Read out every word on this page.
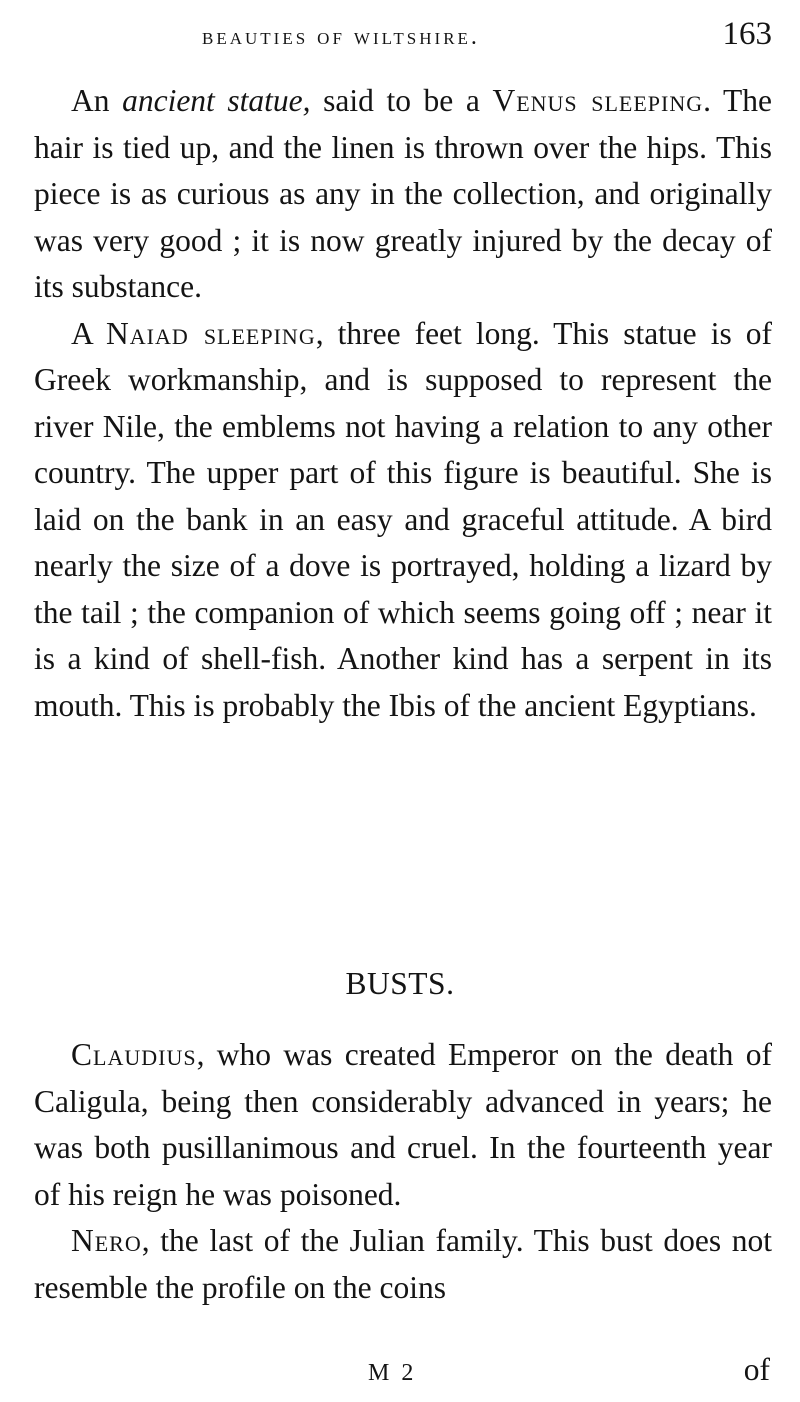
beauties of wiltshire.	163

An ancient statue, said to be a Venus sleeping. The hair is tied up, and the linen is thrown over the hips. This piece is as curious as any in the collection, and originally was very good ; it is now greatly injured by the decay of its substance.

A Naiad sleeping, three feet long. This statue is of Greek workmanship, and is supposed to represent the river Nile, the emblems not having a relation to any other country. The upper part of this figure is beautiful. She is laid on the bank in an easy and graceful attitude. A bird nearly the size of a dove is portrayed, holding a lizard by the tail ; the companion of which seems going off ; near it is a kind of shell-fish. Another kind has a serpent in its mouth. This is probably the Ibis of the ancient Egyptians.

BUSTS.

Claudius, who was created Emperor on the death of Caligula, being then considerably advanced in years; he was both pusillanimous and cruel. In the fourteenth year of his reign he was poisoned.

Nero, the last of the Julian family. This bust does not resemble the profile on the coins

M 2	of
